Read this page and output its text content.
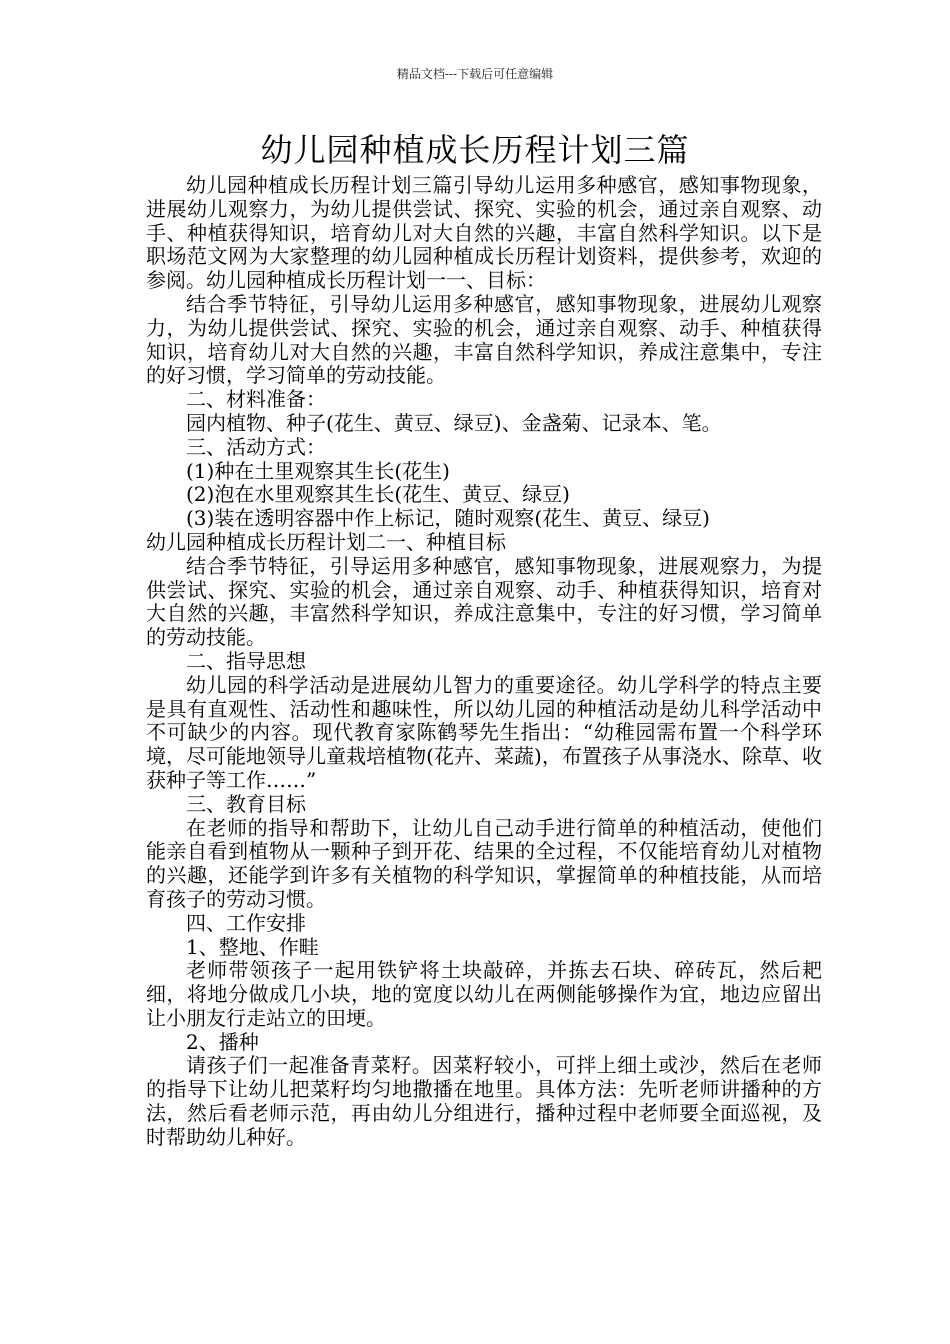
精品文档---下载后可任意编辑
幼儿园种植成长历程计划三篇

幼儿园种植成长历程计划三篇引导幼儿运用多种感官，感知事物现象，进展幼儿观察力，为幼儿提供尝试、探究、实验的机会，通过亲自观察、动手、种植获得知识，培育幼儿对大自然的兴趣，丰富自然科学知识。以下是职场范文网为大家整理的幼儿园种植成长历程计划资料，提供参考，欢迎的参阅。幼儿园种植成长历程计划一一、目标：

结合季节特征，引导幼儿运用多种感官，感知事物现象，进展幼儿观察力，为幼儿提供尝试、探究、实验的机会，通过亲自观察、动手、种植获得知识，培育幼儿对大自然的兴趣，丰富自然科学知识，养成注意集中，专注的好习惯，学习简单的劳动技能。

二、材料准备：

园内植物、种子(花生、黄豆、绿豆)、金盏菊、记录本、笔。

三、活动方式：

(1)种在土里观察其生长(花生)

(2)泡在水里观察其生长(花生、黄豆、绿豆)

(3)装在透明容器中作上标记，随时观察(花生、黄豆、绿豆)

幼儿园种植成长历程计划二一、种植目标

结合季节特征，引导运用多种感官，感知事物现象，进展观察力，为提供尝试、探究、实验的机会，通过亲自观察、动手、种植获得知识，培育对大自然的兴趣，丰富然科学知识，养成注意集中，专注的好习惯，学习简单的劳动技能。

二、指导思想

幼儿园的科学活动是进展幼儿智力的重要途径。幼儿学科学的特点主要是具有直观性、活动性和趣味性，所以幼儿园的种植活动是幼儿科学活动中不可缺少的内容。现代教育家陈鹤琴先生指出：“幼稚园需布置一个科学环境，尽可能地领导儿童栽培植物(花卉、菜蔬)，布置孩子从事浇水、除草、收获种子等工作……”

三、教育目标

在老师的指导和帮助下，让幼儿自己动手进行简单的种植活动，使他们能亲自看到植物从一颗种子到开花、结果的全过程，不仅能培育幼儿对植物的兴趣，还能学到许多有关植物的科学知识，掌握简单的种植技能，从而培育孩子的劳动习惯。

四、工作安排

1、整地、作畦

老师带领孩子一起用铁铲将土块敲碎，并拣去石块、碎砖瓦，然后耙细，将地分做成几小块，地的宽度以幼儿在两侧能够操作为宜，地边应留出让小朋友行走站立的田埂。

2、播种

请孩子们一起准备青菜籽。因菜籽较小，可拌上细土或沙，然后在老师的指导下让幼儿把菜籽均匀地撒播在地里。具体方法：先听老师讲播种的方法，然后看老师示范，再由幼儿分组进行，播种过程中老师要全面巡视，及时帮助幼儿种好。
